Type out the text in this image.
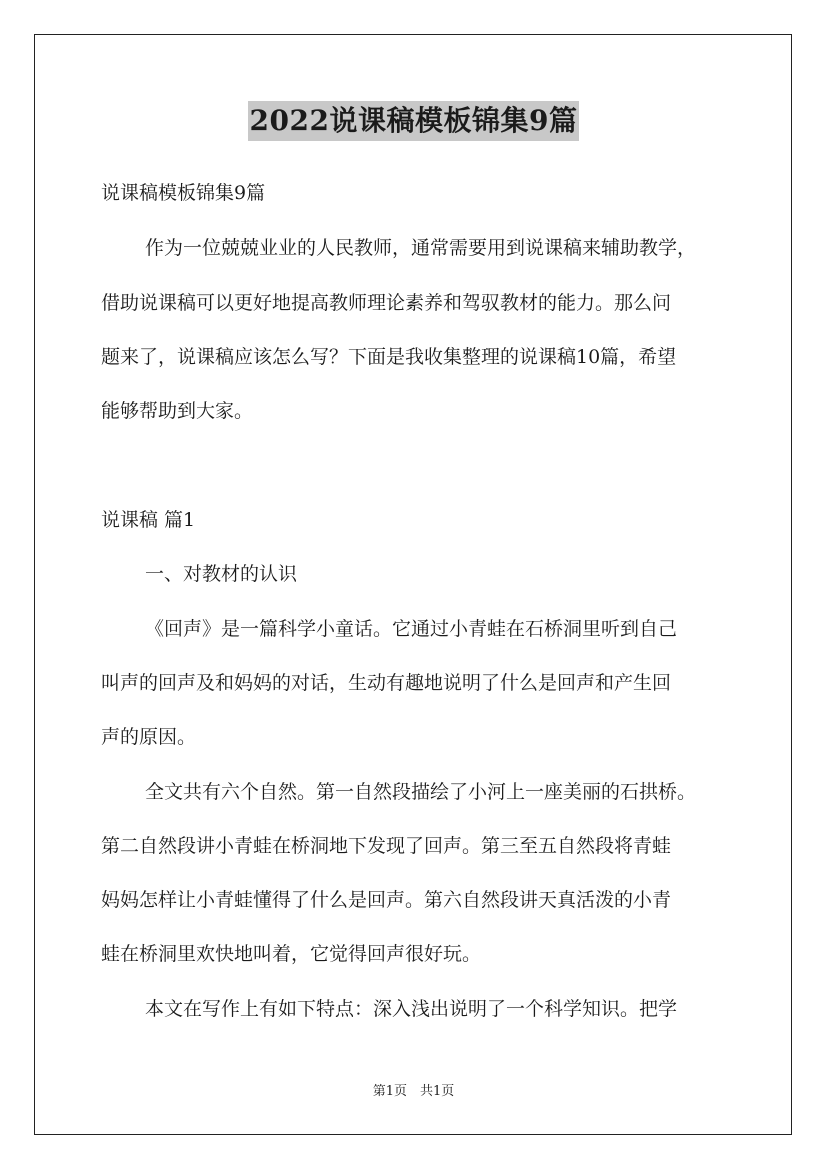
2022说课稿模板锦集9篇
说课稿模板锦集9篇
作为一位兢兢业业的人民教师，通常需要用到说课稿来辅助教学，
借助说课稿可以更好地提高教师理论素养和驾驭教材的能力。那么问
题来了，说课稿应该怎么写？下面是我收集整理的说课稿10篇，希望
能够帮助到大家。
说课稿 篇1
一、对教材的认识
《回声》是一篇科学小童话。它通过小青蛙在石桥洞里听到自己
叫声的回声及和妈妈的对话，生动有趣地说明了什么是回声和产生回
声的原因。
全文共有六个自然。第一自然段描绘了小河上一座美丽的石拱桥。
第二自然段讲小青蛙在桥洞地下发现了回声。第三至五自然段将青蛙
妈妈怎样让小青蛙懂得了什么是回声。第六自然段讲天真活泼的小青
蛙在桥洞里欢快地叫着，它觉得回声很好玩。
本文在写作上有如下特点：深入浅出说明了一个科学知识。把学
第1页　共1页
